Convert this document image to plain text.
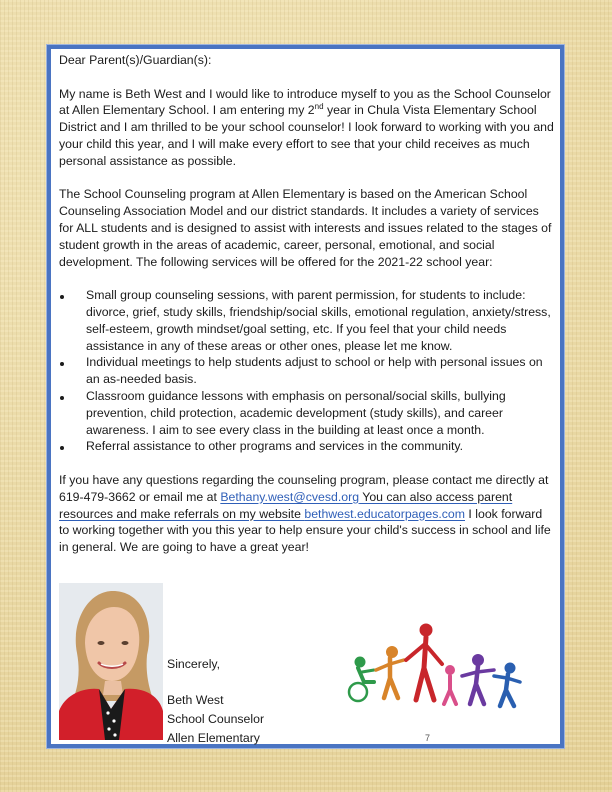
Dear Parent(s)/Guardian(s):

My name is Beth West and I would like to introduce myself to you as the School Counselor at Allen Elementary School. I am entering my 2nd year in Chula Vista Elementary School District and I am thrilled to be your school counselor! I look forward to working with you and your child this year, and I will make every effort to see that your child receives as much personal assistance as possible.

The School Counseling program at Allen Elementary is based on the American School Counseling Association Model and our district standards. It includes a variety of services for ALL students and is designed to assist with interests and issues related to the stages of student growth in the areas of academic, career, personal, emotional, and social development. The following services will be offered for the 2021-22 school year:

Small group counseling sessions, with parent permission, for students to include: divorce, grief, study skills, friendship/social skills, emotional regulation, anxiety/stress, self-esteem, growth mindset/goal setting, etc. If you feel that your child needs assistance in any of these areas or other ones, please let me know.
Individual meetings to help students adjust to school or help with personal issues on an as-needed basis.
Classroom guidance lessons with emphasis on personal/social skills, bullying prevention, child protection, academic development (study skills), and career awareness. I aim to see every class in the building at least once a month.
Referral assistance to other programs and services in the community.

If you have any questions regarding the counseling program, please contact me directly at 619-479-3662 or email me at Bethany.west@cvesd.org You can also access parent resources and make referrals on my website bethwest.educatorpages.com I look forward to working together with you this year to help ensure your child's success in school and life in general. We are going to have a great year!

Sincerely,
Beth West
School Counselor
Allen Elementary	7
